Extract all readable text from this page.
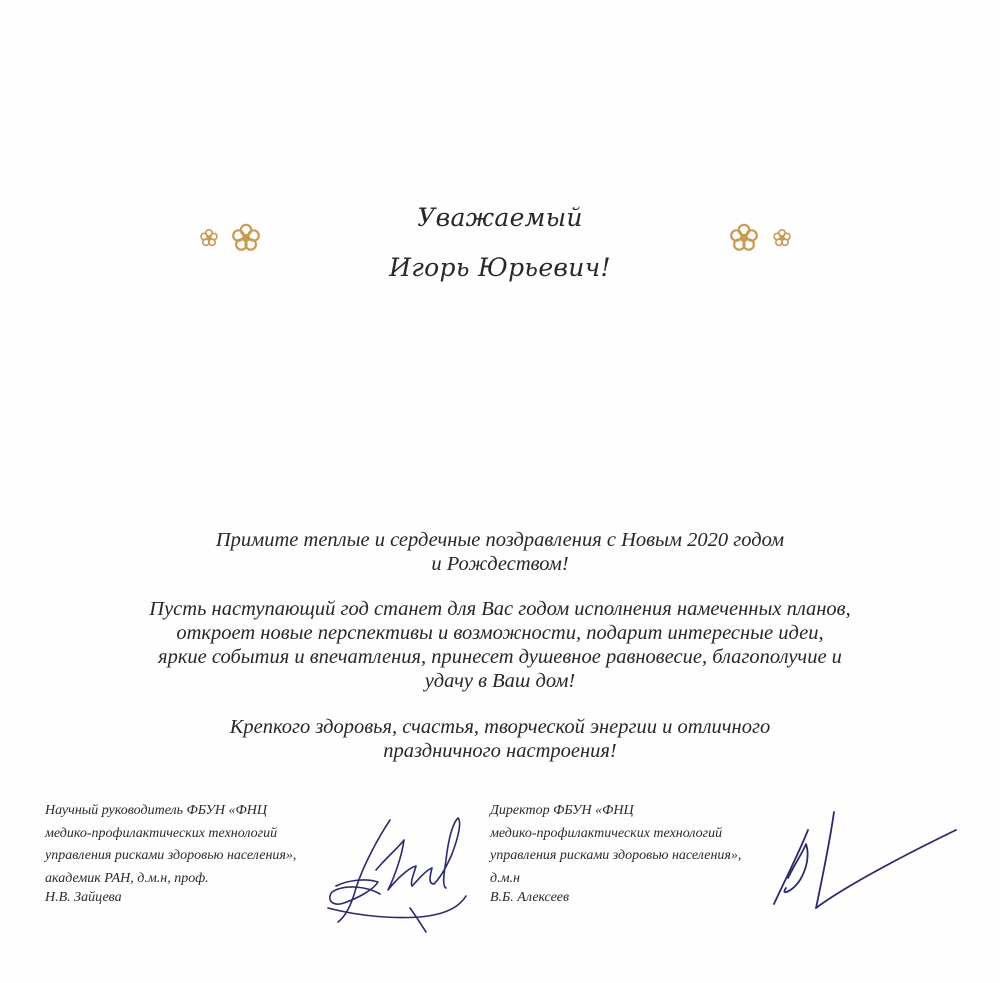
Уважаемый
Игорь Юрьевич!
Примите теплые и сердечные поздравления с Новым 2020 годом
и Рождеством!
Пусть наступающий год станет для Вас годом исполнения намеченных планов,
откроет новые перспективы и возможности, подарит интересные идеи,
яркие события и впечатления, принесет душевное равновесие, благополучие и
удачу в Ваш дом!
Крепкого здоровья, счастья, творческой энергии и отличного
праздничного настроения!
Научный руководитель ФБУН «ФНЦ
медико-профилактических технологий
управления рисками здоровью населения»,
академик РАН, д.м.н, проф.
Н.В. Зайцева
Директор ФБУН «ФНЦ
медико-профилактических технологий
управления рисками здоровью населения»,
д.м.н
В.Б. Алексеев
